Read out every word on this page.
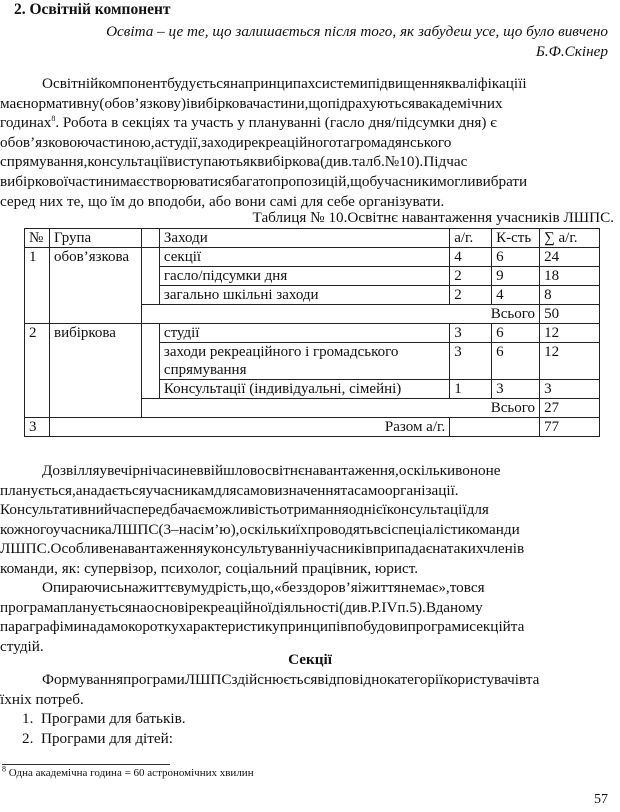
2. Освітній компонент
Освіта – це те, що залишається після того, як забудеш усе, що було вивчено
Б.Ф.Скінер
Освітнійкомпонентбудуєтьсянапринципахсистемипідвищеннякваліфікаціїі
маєнормативну(обов’язкову)івибірковачастини,щопідрахуютьсявакадемічних
годинах$^8$. Робота в секціях та участь у плануванні (гасло дня/підсумки дня) є
обов’язковоючастиною,астудії,заходирекреаційноготагромадянського
спрямування,консультаціївиступаютьяквибіркова(див.талб.№10).Підчас
вибірковоїчастинимаєстворюватисябагатопропозицій,щобучасникимогливибрати
серед них те, що їм до вподоби, або вони самі для себе організувати.
Таблиця № 10.Освітнє навантаження учасників ЛШПС.
№	Група		Заходи	а/г.	К-сть	∑ а/г.
1	обов’язкова		секції	4	6	24
			гасло/підсумки дня	2	9	18
			загально шкільні заходи	2	4	8
		Всього				50
2	вибіркова		студії	3	6	12
			заходи рекреаційного і громадського спрямування	3	6	12
			Консультації (індивідуальні, сімейні)	1	3	3
		Всього				27
3	Разом а/г.					77
Дозвілляувечірнічасиневвійшловосвітнєнавантаження,оскількивононе
планується,анадаєтьсяучасникамдлясамовизначеннятасамоорганізації.
Консультативнийчаспередбачаєможливістьотриманняоднієїконсультаціїдля
кожногоучасникаЛШПС(3–насім’ю),оскількиїхпроводятьвсіспеціалістикоманди
ЛШПС.Особливенавантаженняуконсультуванніучасниківприпадаєнатакихчленів
команди, як: супервізор, психолог, соціальний працівник, юрист.
Опираючисьнажиттєвумудрість,що,«безздоров’яіжиттянемає»,товся
програмаплануєтьсянаосновірекреаційноїдіяльності(див.Р.IVп.5).Вданому
параграфіминадамокороткухарактеристикупринципівпобудовипрограмисекційта
студій.
Секції
ФормуванняпрограмиЛШПСздійснюєтьсявідповіднокатегоріїкористувачівта
їхніх потреб.
1.  Програми для батьків.
2.  Програми для дітей:
$^8$ Одна академічна година = 60 астрономічних хвилин
57
